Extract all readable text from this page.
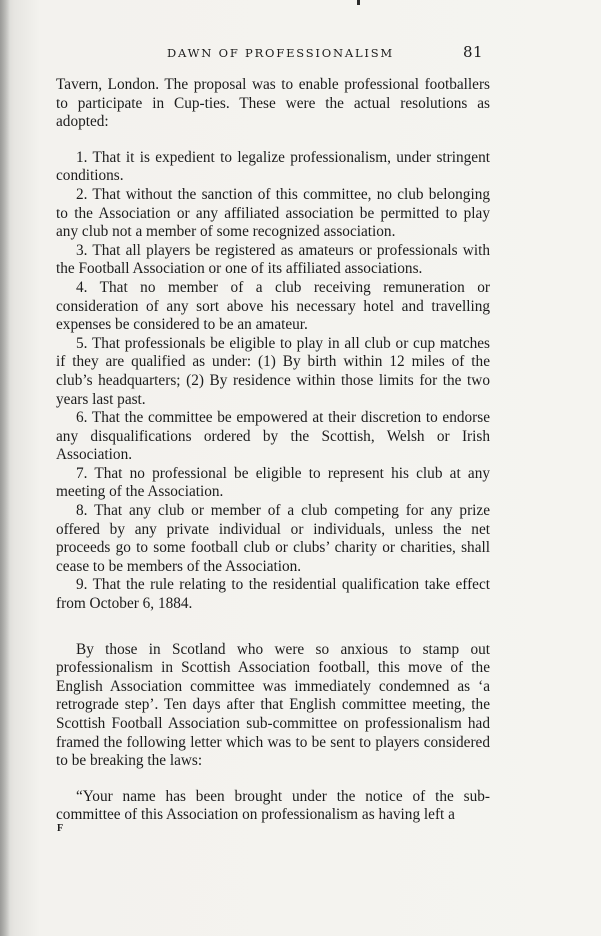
DAWN OF PROFESSIONALISM	81

Tavern, London. The proposal was to enable professional footballers to participate in Cup-ties. These were the actual resolutions as adopted:

1. That it is expedient to legalize professionalism, under stringent conditions.

2. That without the sanction of this committee, no club belonging to the Association or any affiliated association be permitted to play any club not a member of some recognized association.

3. That all players be registered as amateurs or professionals with the Football Association or one of its affiliated associations.

4. That no member of a club receiving remuneration or consideration of any sort above his necessary hotel and travelling expenses be considered to be an amateur.

5. That professionals be eligible to play in all club or cup matches if they are qualified as under: (1) By birth within 12 miles of the club’s headquarters; (2) By residence within those limits for the two years last past.

6. That the committee be empowered at their discretion to endorse any disqualifications ordered by the Scottish, Welsh or Irish Association.

7. That no professional be eligible to represent his club at any meeting of the Association.

8. That any club or member of a club competing for any prize offered by any private individual or individuals, unless the net proceeds go to some football club or clubs’ charity or charities, shall cease to be members of the Association.

9. That the rule relating to the residential qualification take effect from October 6, 1884.

By those in Scotland who were so anxious to stamp out professionalism in Scottish Association football, this move of the English Association committee was immediately condemned as ‘a retrograde step’. Ten days after that English committee meeting, the Scottish Football Association sub-committee on professionalism had framed the following letter which was to be sent to players considered to be breaking the laws:

“Your name has been brought under the notice of the sub-committee of this Association on professionalism as having left a

F
